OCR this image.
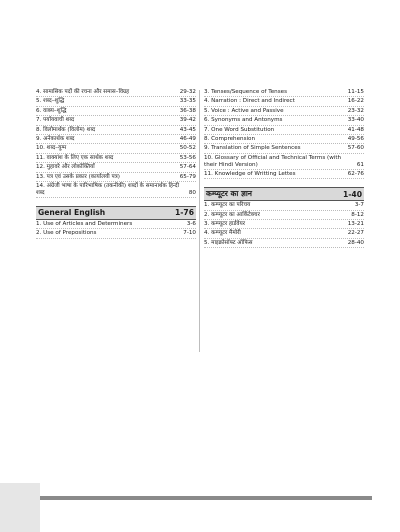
4. सामासिक पदों की रचना और समास–विग्रह	29-32
5. शब्द–शुद्धि	33-35
6. वाक्य–शुद्धि	36-38
7. पर्यायवाची शब्द	39-42
8. विलोमार्थक (विलोम) शब्द	43-45
9. अनेकार्थक शब्द	46-49
10. शब्द–युग्म	50-52
11. वाक्यांश के लिए एक सार्थक शब्द	53-56
12. मुहावरे और लोकोक्तियाँ	57-64
13. पत्र एवं उसके प्रकार (कार्यालयी पत्र)	65-79
14. अंग्रेजी भाषा के पारिभाषिक (तकनीकी) शब्दों के समानार्थक हिन्दी शब्द	80
General English	1-76
1. Use of Articles and Determiners	3-6
2. Use of Prepositions	7-10
3. Tenses/Sequence of Tenses	11-15
4. Narration : Direct and Indirect	16-22
5. Voice : Active and Passive	23-32
6. Synonyms and Antonyms	33-40
7. One Word Substitution	41-48
8. Comprehension	49-56
9. Translation of Simple Sentences	57-60
10. Glossary of Official and Technical Terms (with their Hindi Version)	61
11. Knowledge of Writting Lettes	62-76
कम्प्यूटर का ज्ञान	1-40
1. कम्प्यूटर का परिचय	3-7
2. कम्प्यूटर का आर्किटेक्चर	8-12
3. कम्प्यूटर हार्डवेयर	13-21
4. कम्प्यूटर मैमोरी	22-27
5. माइक्रोसॉफ्ट ऑफिस	28-40
